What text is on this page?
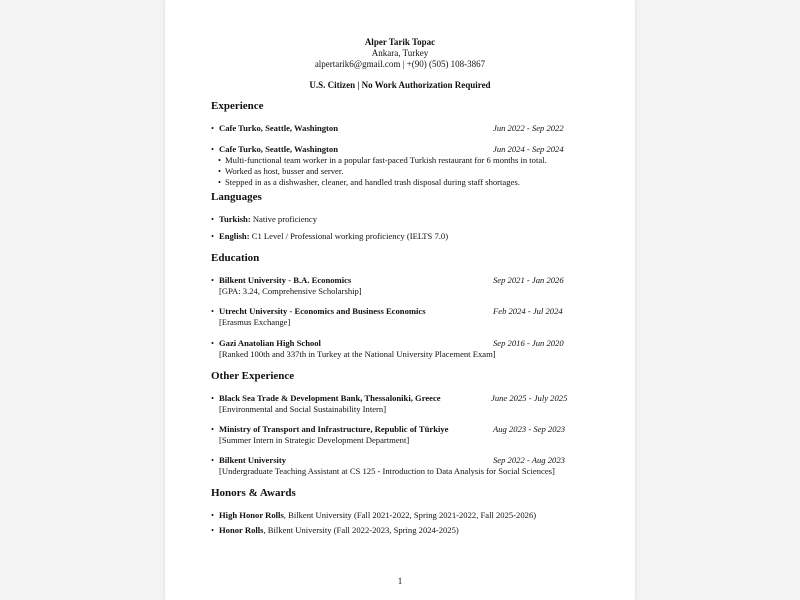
Alper Tarik Topac
Ankara, Turkey
alpertarik6@gmail.com | +(90) (505) 108-3867
U.S. Citizen | No Work Authorization Required
Experience
• Cafe Turko, Seattle, Washington	Jun 2022 - Sep 2022
• Cafe Turko, Seattle, Washington	Jun 2024 - Sep 2024
• Multi-functional team worker in a popular fast-paced Turkish restaurant for 6 months in total.
• Worked as host, busser and server.
• Stepped in as a dishwasher, cleaner, and handled trash disposal during staff shortages.
Languages
• Turkish: Native proficiency
• English: C1 Level / Professional working proficiency (IELTS 7.0)
Education
• Bilkent University - B.A. Economics	Sep 2021 - Jan 2026
[GPA: 3.24, Comprehensive Scholarship]
• Utrecht University - Economics and Business Economics	Feb 2024 - Jul 2024
[Erasmus Exchange]
• Gazi Anatolian High School	Sep 2016 - Jun 2020
[Ranked 100th and 337th in Turkey at the National University Placement Exam]
Other Experience
• Black Sea Trade & Development Bank, Thessaloniki, Greece	June 2025 - July 2025
[Environmental and Social Sustainability Intern]
• Ministry of Transport and Infrastructure, Republic of Türkiye	Aug 2023 - Sep 2023
[Summer Intern in Strategic Development Department]
• Bilkent University	Sep 2022 - Aug 2023
[Undergraduate Teaching Assistant at CS 125 - Introduction to Data Analysis for Social Sciences]
Honors & Awards
• High Honor Rolls, Bilkent University (Fall 2021-2022, Spring 2021-2022, Fall 2025-2026)
• Honor Rolls, Bilkent University (Fall 2022-2023, Spring 2024-2025)
1
